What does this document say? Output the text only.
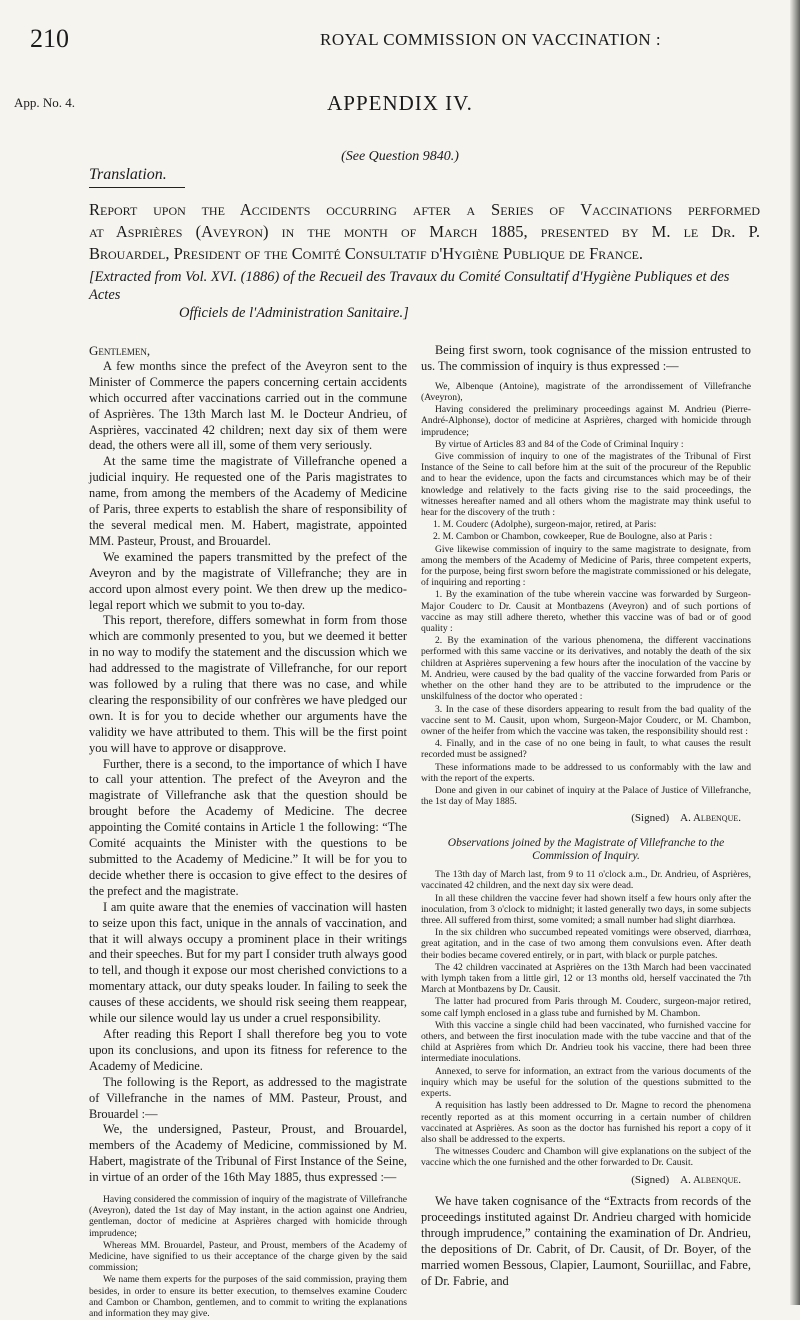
210	ROYAL COMMISSION ON VACCINATION :
App. No. 4.	APPENDIX IV.
(See Question 9840.)
Translation.
Report upon the Accidents occurring after a Series of Vaccinations performed
at Asprières (Aveyron) in the month of March 1885, presented by M. le Dr. P.
Brouardel, President of the Comité Consultatif d'Hygiène Publique de France.
[Extracted from Vol. XVI. (1886) of the Recueil des Travaux du Comité Consultatif d'Hygiène Publiques et des Actes
Officiels de l'Administration Sanitaire.]

Gentlemen,

A few months since the prefect of the Aveyron sent to the Minister of Commerce the papers concerning certain accidents which occurred after vaccinations carried out in the commune of Asprières. The 13th March last M. le Docteur Andrieu, of Asprières, vaccinated 42 children; next day six of them were dead, the others were all ill, some of them very seriously.

At the same time the magistrate of Villefranche opened a judicial inquiry. He requested one of the Paris magistrates to name, from among the members of the Academy of Medicine of Paris, three experts to establish the share of responsibility of the several medical men. M. Habert, magistrate, appointed MM. Pasteur, Proust, and Brouardel.

We examined the papers transmitted by the prefect of the Aveyron and by the magistrate of Villefranche; they are in accord upon almost every point. We then drew up the medico-legal report which we submit to you to-day.

This report, therefore, differs somewhat in form from those which are commonly presented to you, but we deemed it better in no way to modify the statement and the discussion which we had addressed to the magistrate of Villefranche, for our report was followed by a ruling that there was no case, and while clearing the responsibility of our confrères we have pledged our own. It is for you to decide whether our arguments have the validity we have attributed to them. This will be the first point you will have to approve or disapprove.

Further, there is a second, to the importance of which I have to call your attention. The prefect of the Aveyron and the magistrate of Villefranche ask that the question should be brought before the Academy of Medicine. The decree appointing the Comité contains in Article 1 the following: “The Comité acquaints the Minister with the questions to be submitted to the Academy of Medicine.” It will be for you to decide whether there is occasion to give effect to the desires of the prefect and the magistrate.

I am quite aware that the enemies of vaccination will hasten to seize upon this fact, unique in the annals of vaccination, and that it will always occupy a prominent place in their writings and their speeches. But for my part I consider truth always good to tell, and though it expose our most cherished convictions to a momentary attack, our duty speaks louder. In failing to seek the causes of these accidents, we should risk seeing them reappear, while our silence would lay us under a cruel responsibility.

After reading this Report I shall therefore beg you to vote upon its conclusions, and upon its fitness for reference to the Academy of Medicine.

The following is the Report, as addressed to the magistrate of Villefranche in the names of MM. Pasteur, Proust, and Brouardel :—

We, the undersigned, Pasteur, Proust, and Brouardel, members of the Academy of Medicine, commissioned by M. Habert, magistrate of the Tribunal of First Instance of the Seine, in virtue of an order of the 16th May 1885, thus expressed :—

Having considered the commission of inquiry of the magistrate of Villefranche (Aveyron), dated the 1st day of May instant, in the action against one Andrieu, gentleman, doctor of medicine at Asprières charged with homicide through imprudence;

Whereas MM. Brouardel, Pasteur, and Proust, members of the Academy of Medicine, have signified to us their acceptance of the charge given by the said commission;

We name them experts for the purposes of the said commission, praying them besides, in order to ensure its better execution, to themselves examine Couderc and Cambon or Chambon, gentlemen, and to commit to writing the explanations and information they may give.

Being first sworn, took cognisance of the mission entrusted to us. The commission of inquiry is thus expressed :—

We, Albenque (Antoine), magistrate of the arrondissement of Villefranche (Aveyron),

Having considered the preliminary proceedings against M. Andrieu (Pierre-André-Alphonse), doctor of medicine at Asprières, charged with homicide through imprudence;

By virtue of Articles 83 and 84 of the Code of Criminal Inquiry :

Give commission of inquiry to one of the magistrates of the Tribunal of First Instance of the Seine to call before him at the suit of the procureur of the Republic and to hear the evidence, upon the facts and circumstances which may be of their knowledge and relatively to the facts giving rise to the said proceedings, the witnesses hereafter named and all others whom the magistrate may think useful to hear for the discovery of the truth :

1. M. Couderc (Adolphe), surgeon-major, retired, at Paris:

2. M. Cambon or Chambon, cowkeeper, Rue de Boulogne, also at Paris :

Give likewise commission of inquiry to the same magistrate to designate, from among the members of the Academy of Medicine of Paris, three competent experts, for the purpose, being first sworn before the magistrate commissioned or his delegate, of inquiring and reporting :

1. By the examination of the tube wherein vaccine was forwarded by Surgeon-Major Couderc to Dr. Causit at Montbazens (Aveyron) and of such portions of vaccine as may still adhere thereto, whether this vaccine was of bad or of good quality :

2. By the examination of the various phenomena, the different vaccinations performed with this same vaccine or its derivatives, and notably the death of the six children at Asprières supervening a few hours after the inoculation of the vaccine by M. Andrieu, were caused by the bad quality of the vaccine forwarded from Paris or whether on the other hand they are to be attributed to the imprudence or the unskilfulness of the doctor who operated :

3. In the case of these disorders appearing to result from the bad quality of the vaccine sent to M. Causit, upon whom, Surgeon-Major Couderc, or M. Chambon, owner of the heifer from which the vaccine was taken, the responsibility should rest :

4. Finally, and in the case of no one being in fault, to what causes the result recorded must be assigned?

These informations made to be addressed to us conformably with the law and with the report of the experts.

Done and given in our cabinet of inquiry at the Palace of Justice of Villefranche, the 1st day of May 1885.

(Signed) A. Albenque.
Observations joined by the Magistrate of Villefranche to the
Commission of Inquiry.

The 13th day of March last, from 9 to 11 o'clock a.m., Dr. Andrieu, of Asprières, vaccinated 42 children, and the next day six were dead.

In all these children the vaccine fever had shown itself a few hours only after the inoculation, from 3 o'clock to midnight; it lasted generally two days, in some subjects three. All suffered from thirst, some vomited; a small number had slight diarrhœa.

In the six children who succumbed repeated vomitings were observed, diarrhœa, great agitation, and in the case of two among them convulsions even. After death their bodies became covered entirely, or in part, with black or purple patches.

The 42 children vaccinated at Asprières on the 13th March had been vaccinated with lymph taken from a little girl, 12 or 13 months old, herself vaccinated the 7th March at Montbazens by Dr. Causit.

The latter had procured from Paris through M. Couderc, surgeon-major retired, some calf lymph enclosed in a glass tube and furnished by M. Chambon.

With this vaccine a single child had been vaccinated, who furnished vaccine for others, and between the first inoculation made with the tube vaccine and that of the child at Asprières from which Dr. Andrieu took his vaccine, there had been three intermediate inoculations.

Annexed, to serve for information, an extract from the various documents of the inquiry which may be useful for the solution of the questions submitted to the experts.

A requisition has lastly been addressed to Dr. Magne to record the phenomena recently reported as at this moment occurring in a certain number of children vaccinated at Asprières. As soon as the doctor has furnished his report a copy of it also shall be addressed to the experts.

The witnesses Couderc and Chambon will give explanations on the subject of the vaccine which the one furnished and the other forwarded to Dr. Causit.

(Signed) A. Albenque.

We have taken cognisance of the “Extracts from records of the proceedings instituted against Dr. Andrieu charged with homicide through imprudence,” containing the examination of Dr. Andrieu, the depositions of Dr. Cabrit, of Dr. Causit, of Dr. Boyer, of the married women Bessous, Clapier, Laumont, Souriillac, and Fabre, of Dr. Fabrie, and
